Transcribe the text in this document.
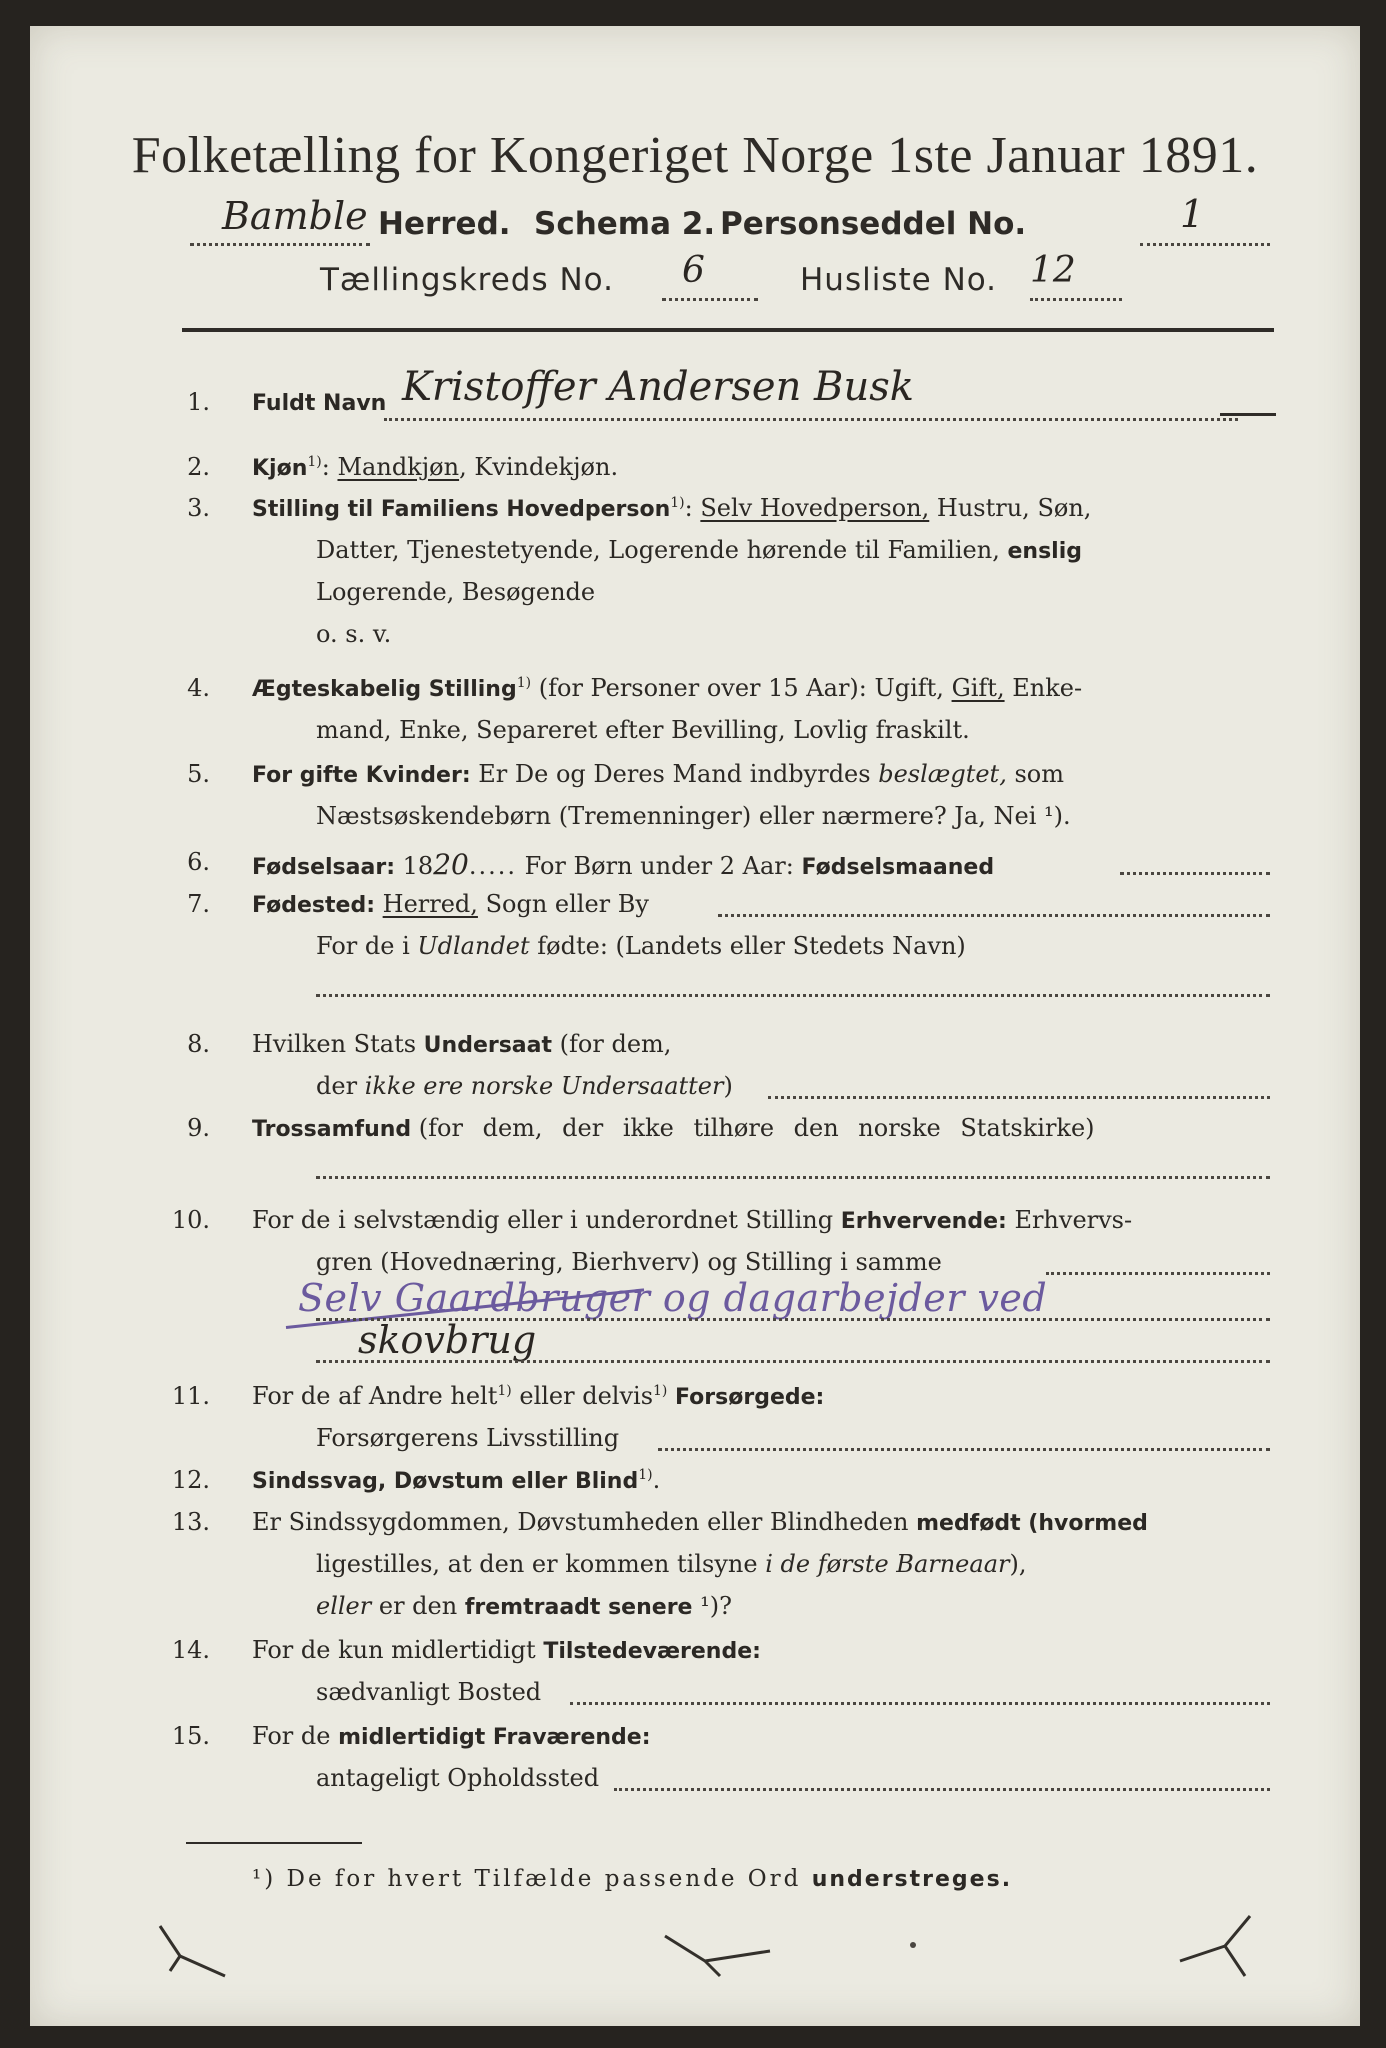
Folketælling for Kongeriget Norge 1ste Januar 1891.
Bamble Herred. Schema 2. Personseddel No.	1
Tællingskreds No. 6	Husliste No. 12
1. Fuldt Navn Kristoffer Andersen Busk
2. Kjøn$^{1)}$: Mandkjøn, Kvindekjøn.
3. Stilling til Familiens Hovedperson$^{1)}$: Selv Hovedperson, Hustru, Søn,
Datter, Tjenestetyende, Logerende hørende til Familien, enslig
Logerende, Besøgende
o. s. v.
4. Ægteskabelig Stilling$^{1)}$ (for Personer over 15 Aar): Ugift, Gift, Enke-
mand, Enke, Separeret efter Bevilling, Lovlig fraskilt.
5. For gifte Kvinder: Er De og Deres Mand indbyrdes beslægtet, som
Næstsøskendebørn (Tremenninger) eller nærmere? Ja, Nei ¹).
6. Fødselsaar: 1820..... For Børn under 2 Aar: Fødselsmaaned
7. Fødested: Herred, Sogn eller By
For de i Udlandet fødte: (Landets eller Stedets Navn)
8. Hvilken Stats Undersaat (for dem,
der ikke ere norske Undersaatter)
9. Trossamfund (for dem, der ikke tilhøre den norske Statskirke)
10. For de i selvstændig eller i underordnet Stilling Erhvervende: Erhvervs-
gren (Hovednæring, Bierhverv) og Stilling i samme
Selv Gaardbruger og dagarbejder ved
skovbrug
11. For de af Andre helt$^{1)}$ eller delvis$^{1)}$ Forsørgede:
Forsørgerens Livsstilling
12. Sindssvag, Døvstum eller Blind$^{1)}$.
13. Er Sindssygdommen, Døvstumheden eller Blindheden medfødt (hvormed
ligestilles, at den er kommen tilsyne i de første Barneaar),
eller er den fremtraadt senere ¹)?
14. For de kun midlertidigt Tilstedeværende:
sædvanligt Bosted
15. For de midlertidigt Fraværende:
antageligt Opholdssted
¹) De for hvert Tilfælde passende Ord understreges.
